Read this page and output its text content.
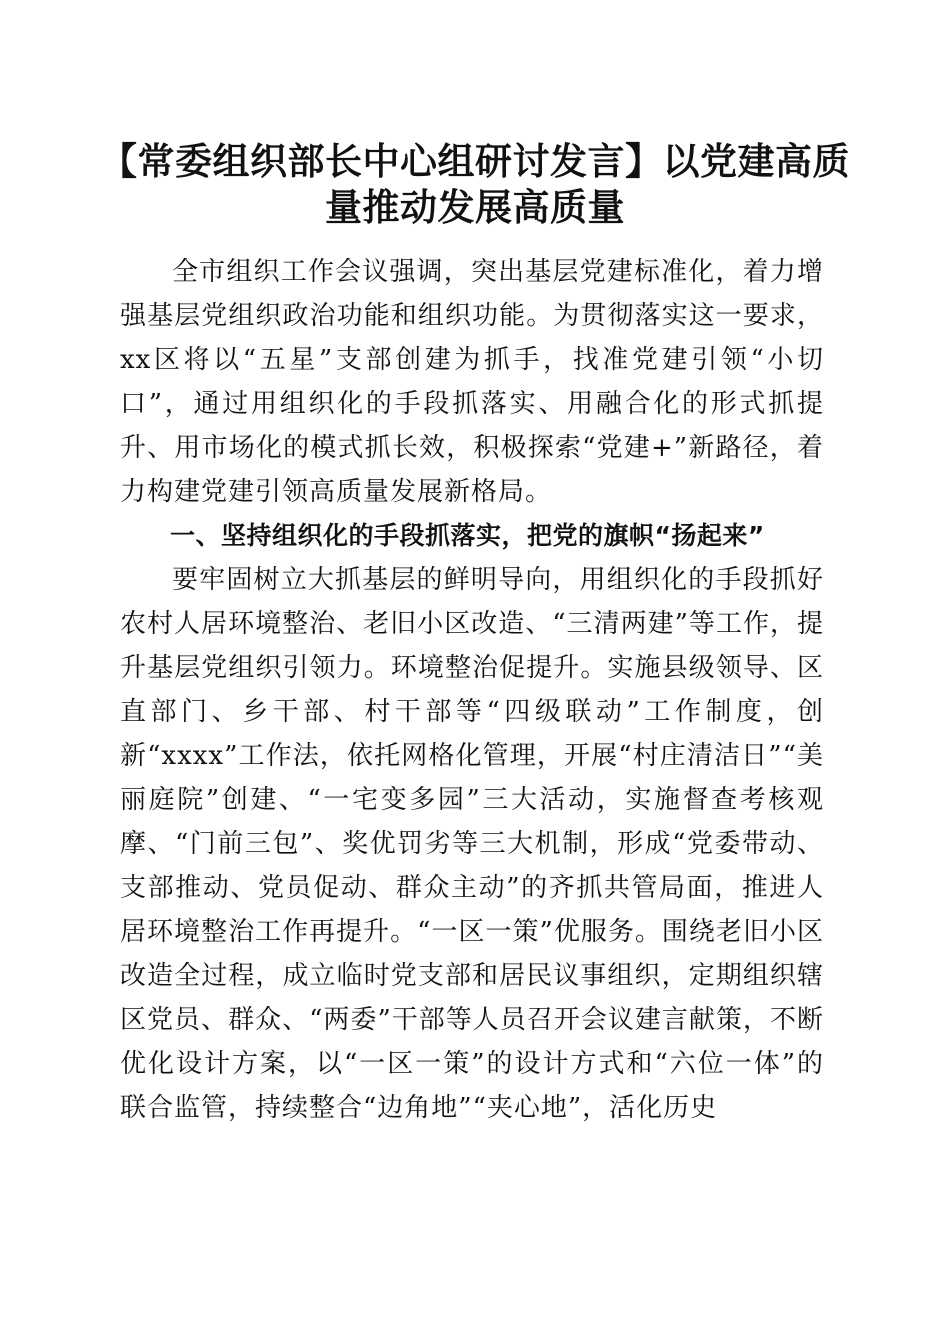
【常委组织部长中心组研讨发言】以党建高质量推动发展高质量

全市组织工作会议强调，突出基层党建标准化，着力增强基层党组织政治功能和组织功能。为贯彻落实这一要求，xx区将以“五星”支部创建为抓手，找准党建引领“小切口”，通过用组织化的手段抓落实、用融合化的形式抓提升、用市场化的模式抓长效，积极探索“党建+”新路径，着力构建党建引领高质量发展新格局。

一、坚持组织化的手段抓落实，把党的旗帜“扬起来”

要牢固树立大抓基层的鲜明导向，用组织化的手段抓好农村人居环境整治、老旧小区改造、“三清两建”等工作，提升基层党组织引领力。环境整治促提升。实施县级领导、区直部门、乡干部、村干部等“四级联动”工作制度，创新“xxxx”工作法，依托网格化管理，开展“村庄清洁日”“美丽庭院”创建、“一宅变多园”三大活动，实施督查考核观摩、“门前三包”、奖优罚劣等三大机制，形成“党委带动、支部推动、党员促动、群众主动”的齐抓共管局面，推进人居环境整治工作再提升。“一区一策”优服务。围绕老旧小区改造全过程，成立临时党支部和居民议事组织，定期组织辖区党员、群众、“两委”干部等人员召开会议建言献策，不断优化设计方案，以“一区一策”的设计方式和“六位一体”的联合监管，持续整合“边角地”“夹心地”，活化历史
